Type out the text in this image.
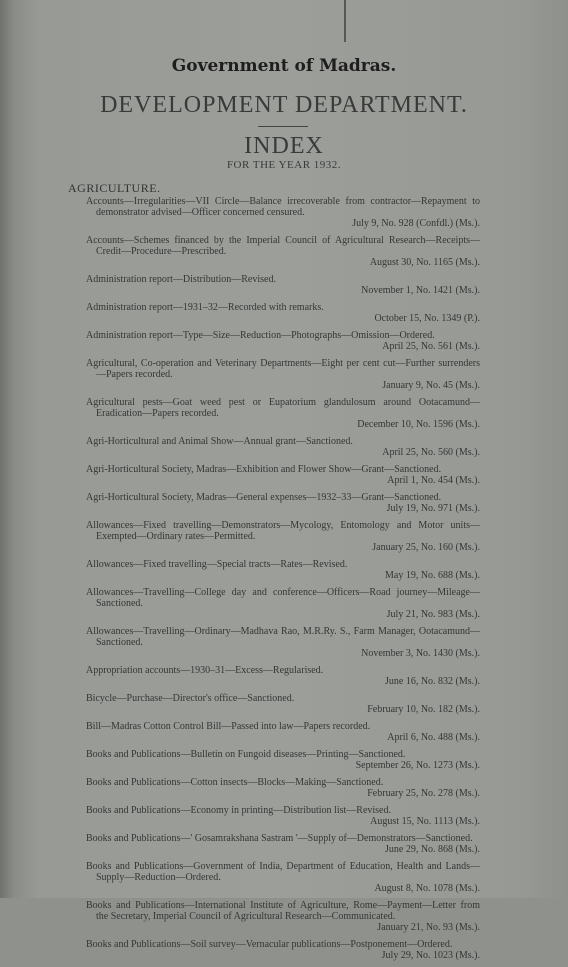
Government of Madras.
DEVELOPMENT DEPARTMENT.
INDEX
FOR THE YEAR 1932.
AGRICULTURE.
Accounts—Irregularities—VII Circle—Balance irrecoverable from contractor—Repayment to demonstrator advised—Officer concerned censured.
July 9, No. 928 (Confdl.) (Ms.).
Accounts—Schemes financed by the Imperial Council of Agricultural Research—Receipts—Credit—Procedure—Prescribed.
August 30, No. 1165 (Ms.).
Administration report—Distribution—Revised.
November 1, No. 1421 (Ms.).
Administration report—1931–32—Recorded with remarks.
October 15, No. 1349 (P.).
Administration report—Type—Size—Reduction—Photographs—Omission—Ordered.
April 25, No. 561 (Ms.).
Agricultural, Co-operation and Veterinary Departments—Eight per cent cut—Further surrenders—Papers recorded.
January 9, No. 45 (Ms.).
Agricultural pests—Goat weed pest or Eupatorium glandulosum around Ootacamund—Eradication—Papers recorded.
December 10, No. 1596 (Ms.).
Agri-Horticultural and Animal Show—Annual grant—Sanctioned.
April 25, No. 560 (Ms.).
Agri-Horticultural Society, Madras—Exhibition and Flower Show—Grant—Sanctioned.
April 1, No. 454 (Ms.).
Agri-Horticultural Society, Madras—General expenses—1932–33—Grant—Sanctioned.
July 19, No. 971 (Ms.).
Allowances—Fixed travelling—Demonstrators—Mycology, Entomology and Motor units—Exempted—Ordinary rates—Permitted.
January 25, No. 160 (Ms.).
Allowances—Fixed travelling—Special tracts—Rates—Revised.
May 19, No. 688 (Ms.).
Allowances—Travelling—College day and conference—Officers—Road journey—Mileage—Sanctioned.
July 21, No. 983 (Ms.).
Allowances—Travelling—Ordinary—Madhava Rao, M.R.Ry. S., Farm Manager, Ootacamund—Sanctioned.
November 3, No. 1430 (Ms.).
Appropriation accounts—1930–31—Excess—Regularised.
June 16, No. 832 (Ms.).
Bicycle—Purchase—Director's office—Sanctioned.
February 10, No. 182 (Ms.).
Bill—Madras Cotton Control Bill—Passed into law—Papers recorded.
April 6, No. 488 (Ms.).
Books and Publications—Bulletin on Fungoid diseases—Printing—Sanctioned.
September 26, No. 1273 (Ms.).
Books and Publications—Cotton insects—Blocks—Making—Sanctioned.
February 25, No. 278 (Ms.).
Books and Publications—Economy in printing—Distribution list—Revised.
August 15, No. 1113 (Ms.).
Books and Publications—' Gosamrakshana Sastram '—Supply of—Demonstrators—Sanctioned.
June 29, No. 868 (Ms.).
Books and Publications—Government of India, Department of Education, Health and Lands—Supply—Reduction—Ordered.
August 8, No. 1078 (Ms.).
Books and Publications—International Institute of Agriculture, Rome—Payment—Letter from the Secretary, Imperial Council of Agricultural Research—Communicated.
January 21, No. 93 (Ms.).
Books and Publications—Soil survey—Vernacular publications—Postponement—Ordered.
July 29, No. 1023 (Ms.).
